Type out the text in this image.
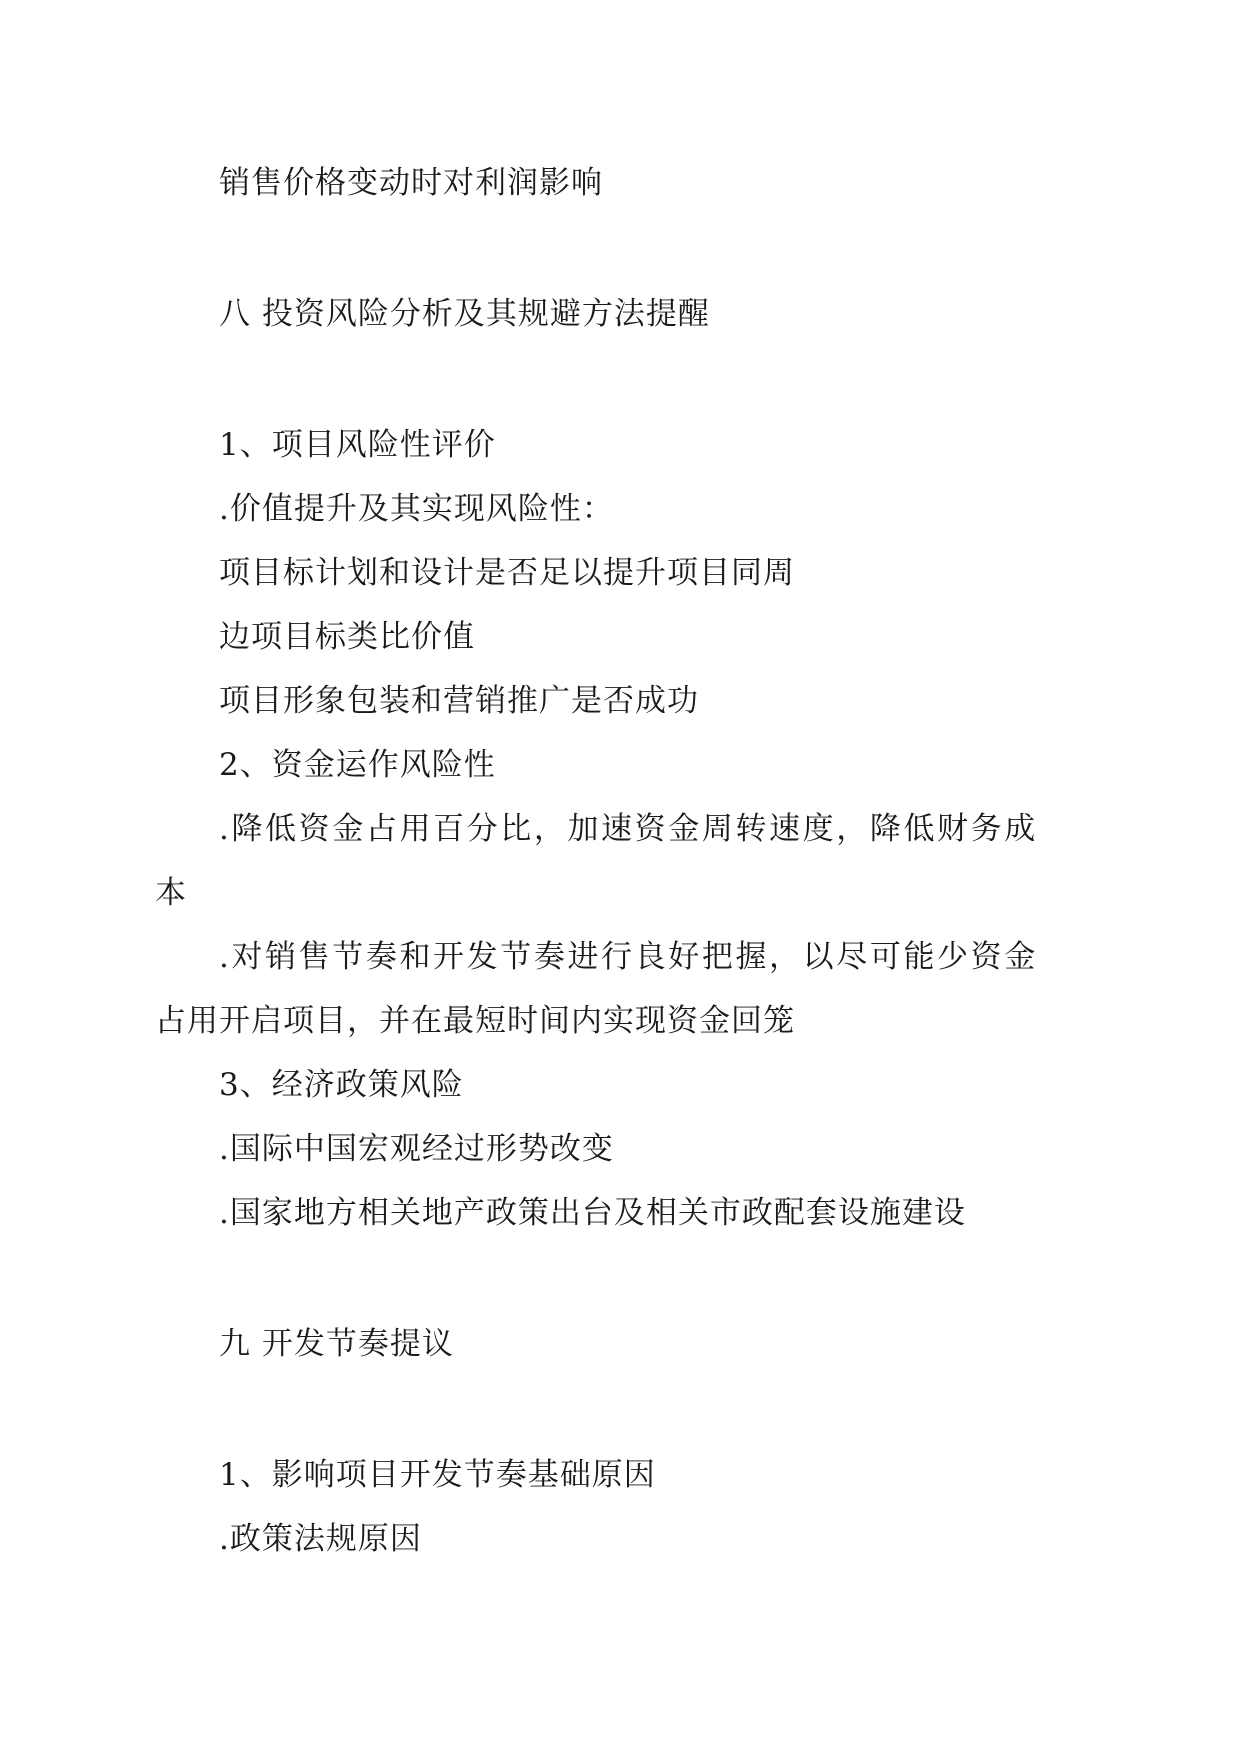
销售价格变动时对利润影响
八 投资风险分析及其规避方法提醒
1、项目风险性评价
.价值提升及其实现风险性：
项目标计划和设计是否足以提升项目同周
边项目标类比价值
项目形象包装和营销推广是否成功
2、资金运作风险性
.降低资金占用百分比，加速资金周转速度，降低财务成
本
.对销售节奏和开发节奏进行良好把握，以尽可能少资金
占用开启项目，并在最短时间内实现资金回笼
3、经济政策风险
.国际中国宏观经过形势改变
.国家地方相关地产政策出台及相关市政配套设施建设
九 开发节奏提议
1、影响项目开发节奏基础原因
.政策法规原因
